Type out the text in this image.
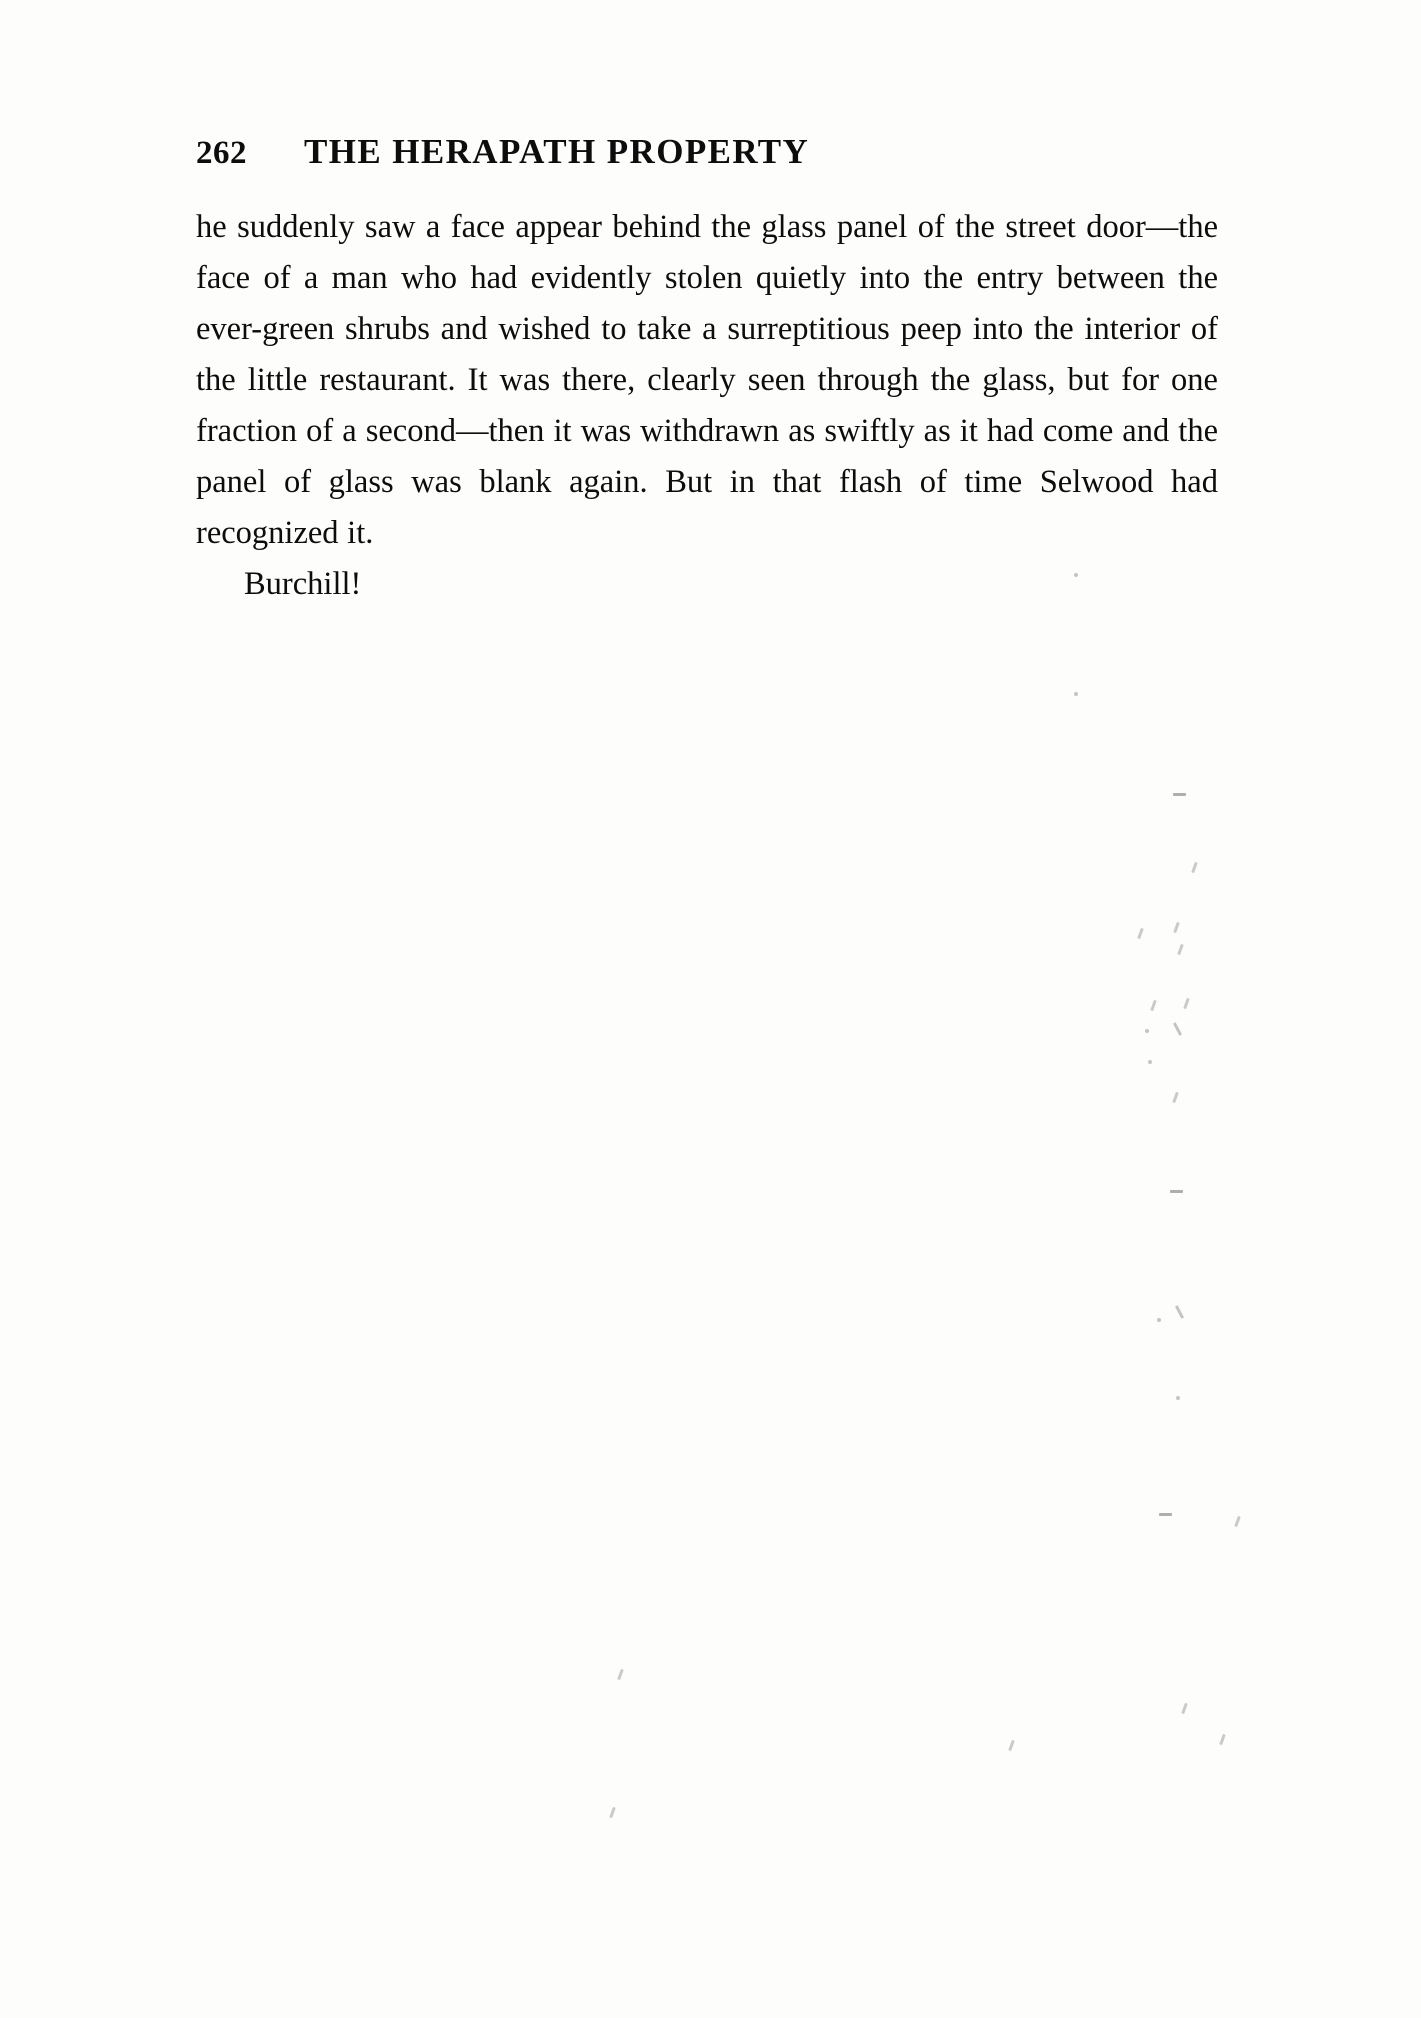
262	THE HERAPATH PROPERTY

he suddenly saw a face appear behind the glass panel of the street door—the face of a man who had evidently stolen quietly into the entry between the ever-green shrubs and wished to take a surreptitious peep into the interior of the little restaurant. It was there, clearly seen through the glass, but for one fraction of a second—then it was withdrawn as swiftly as it had come and the panel of glass was blank again. But in that flash of time Selwood had recognized it.

Burchill!
